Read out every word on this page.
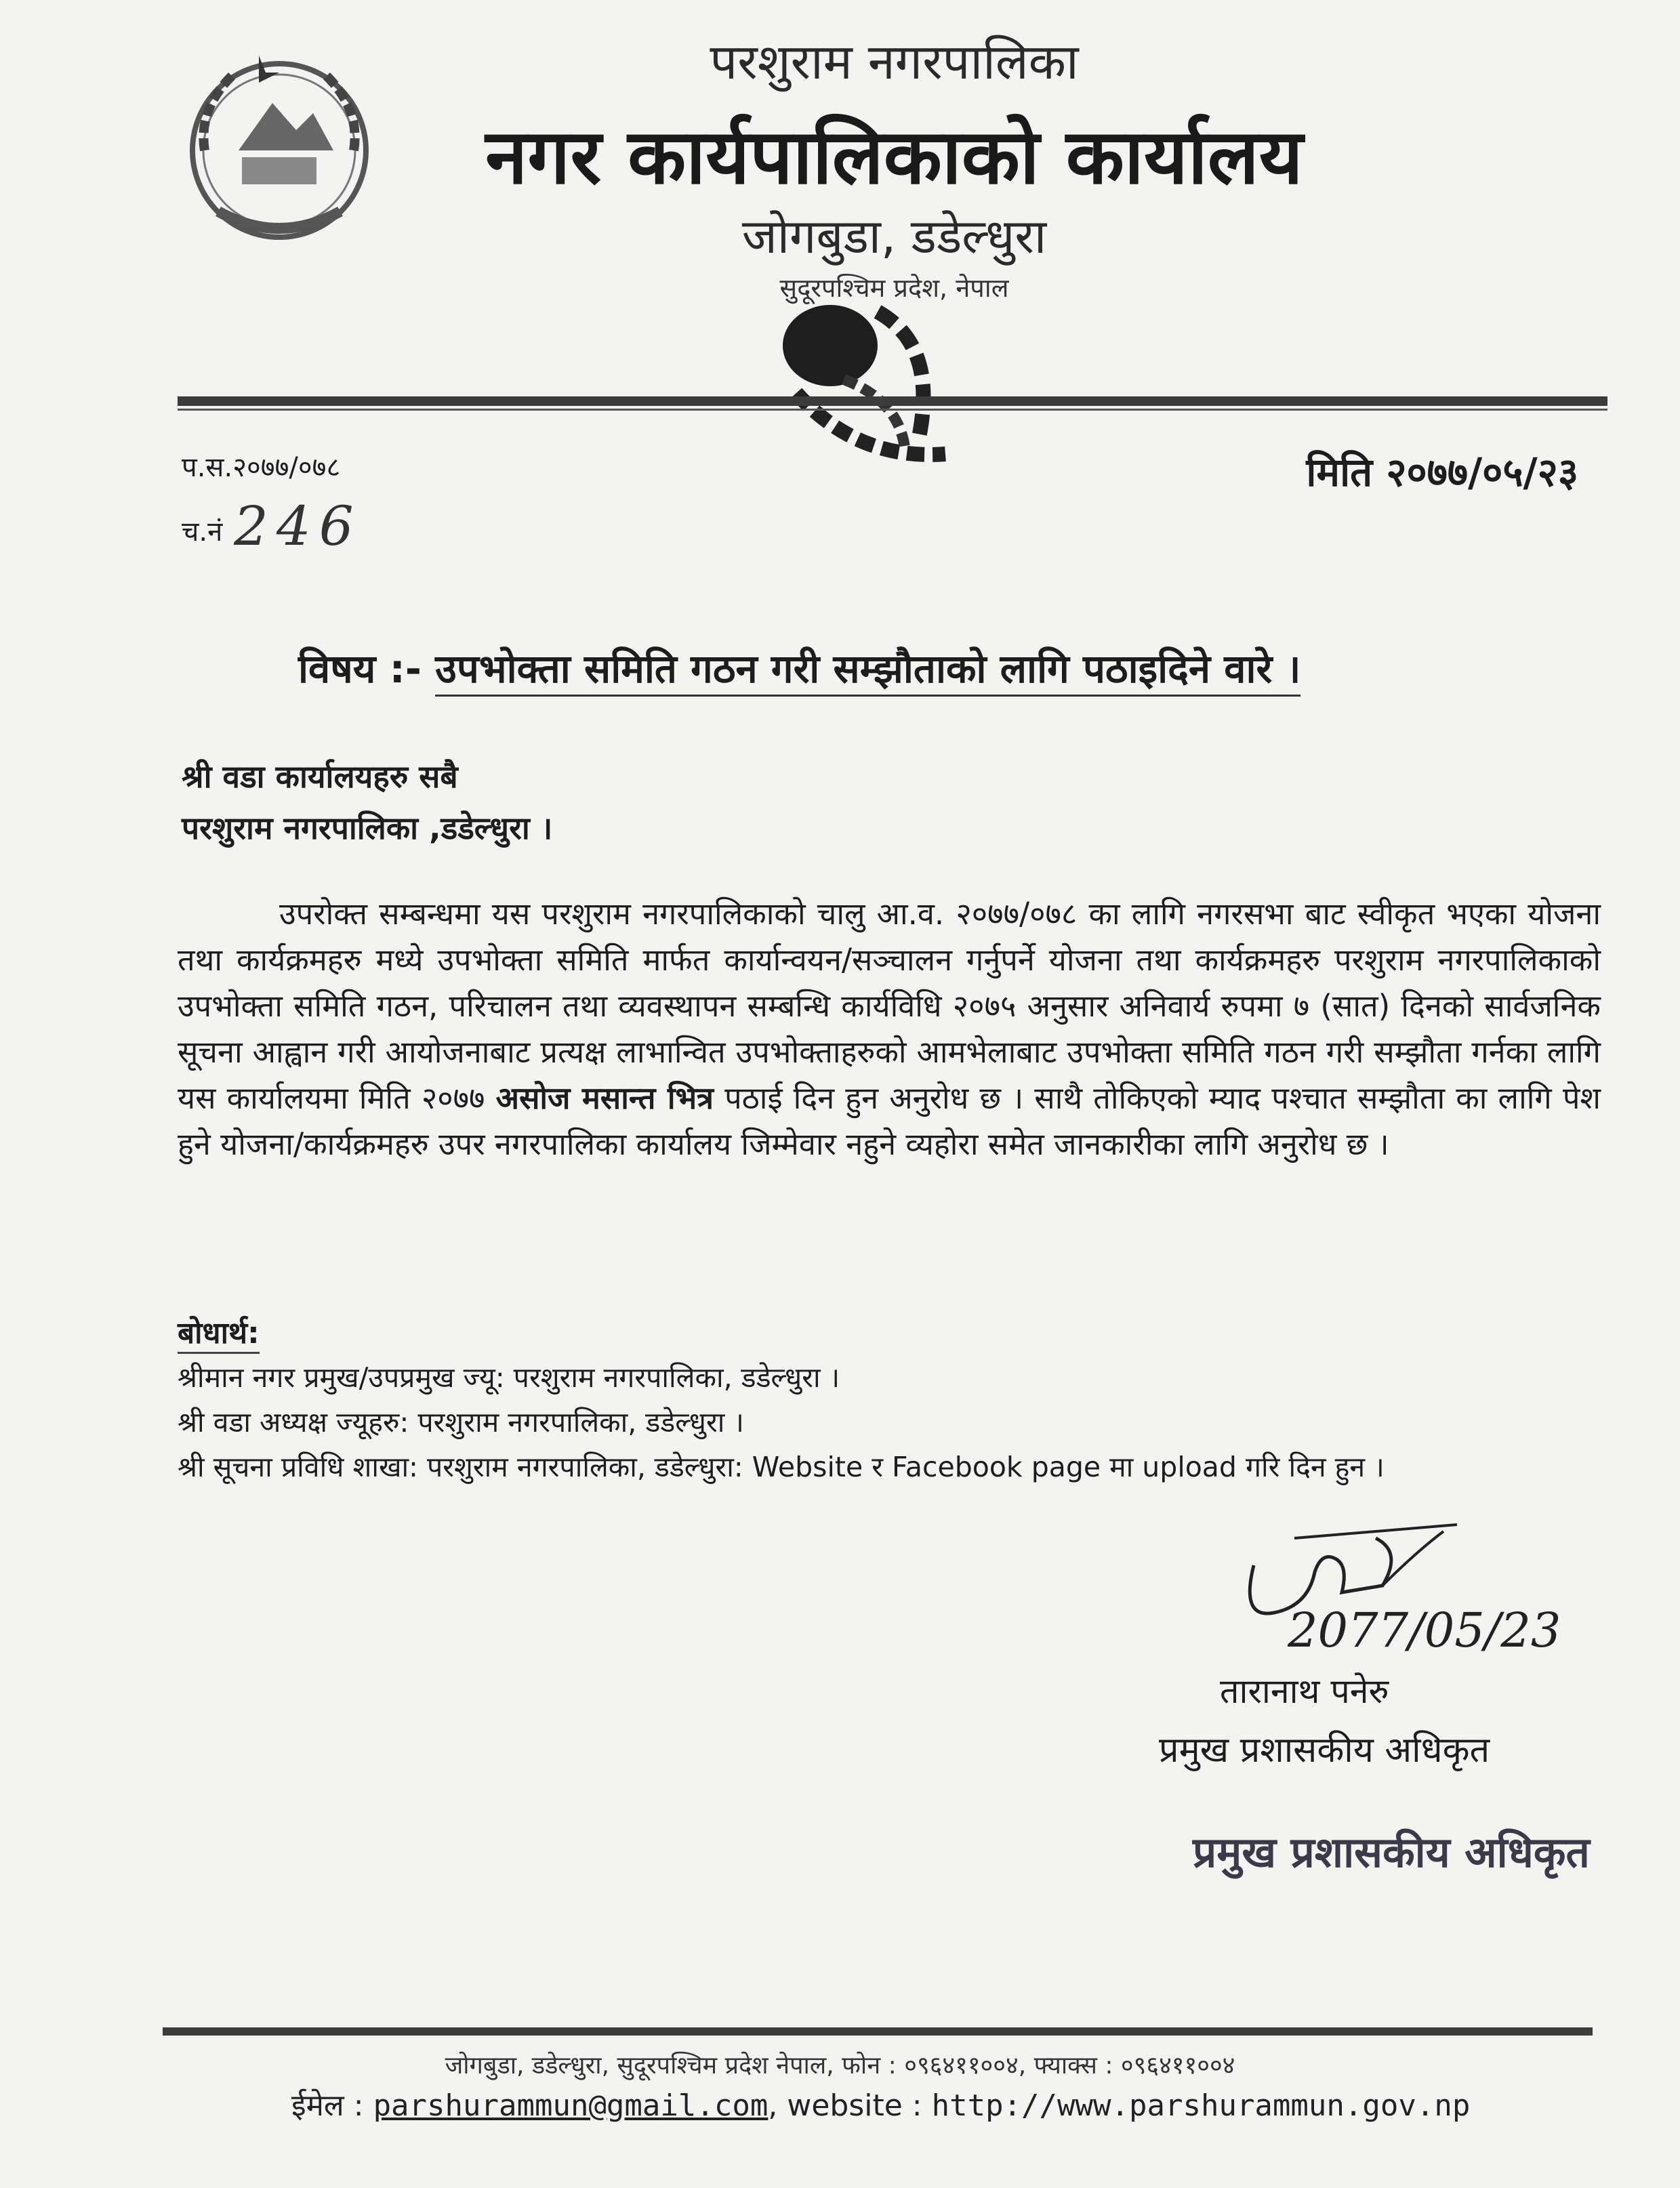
परशुराम नगरपालिका
नगर कार्यपालिकाको कार्यालय
जोगबुडा, डडेल्धुरा
सुदूरपश्चिम प्रदेश, नेपाल
प.स.२०७७/०७८	मिति २०७७/०५/२३
च.नं 246
विषय :- उपभोक्ता समिति गठन गरी सम्झौताको लागि पठाइदिने वारे ।
श्री वडा कार्यालयहरु सबै
परशुराम नगरपालिका ,डडेल्धुरा ।
उपरोक्त सम्बन्धमा यस परशुराम नगरपालिकाको चालु आ.व. २०७७/०७८ का लागि नगरसभा बाट स्वीकृत भएका योजना तथा कार्यक्रमहरु मध्ये उपभोक्ता समिति मार्फत कार्यान्वयन/सञ्चालन गर्नुपर्ने योजना तथा कार्यक्रमहरु परशुराम नगरपालिकाको उपभोक्ता समिति गठन, परिचालन तथा व्यवस्थापन सम्बन्धि कार्यविधि २०७५ अनुसार अनिवार्य रुपमा ७ (सात) दिनको सार्वजनिक सूचना आह्वान गरी आयोजनाबाट प्रत्यक्ष लाभान्वित उपभोक्ताहरुको आमभेलाबाट उपभोक्ता समिति गठन गरी सम्झौता गर्नका लागि यस कार्यालयमा मिति २०७७ असोज मसान्त भित्र पठाई दिन हुन अनुरोध छ । साथै तोकिएको म्याद पश्चात सम्झौता का लागि पेश हुने योजना/कार्यक्रमहरु उपर नगरपालिका कार्यालय जिम्मेवार नहुने व्यहोरा समेत जानकारीका लागि अनुरोध छ ।
बोधार्थ:
श्रीमान नगर प्रमुख/उपप्रमुख ज्यू: परशुराम नगरपालिका, डडेल्धुरा ।
श्री वडा अध्यक्ष ज्यूहरु: परशुराम नगरपालिका, डडेल्धुरा ।
श्री सूचना प्रविधि शाखा: परशुराम नगरपालिका, डडेल्धुरा: Website र Facebook page मा upload गरि दिन हुन ।
2077/05/23
तारानाथ पनेरु
प्रमुख प्रशासकीय अधिकृत
प्रमुख प्रशासकीय अधिकृत
जोगबुडा, डडेल्धुरा, सुदूरपश्चिम प्रदेश नेपाल, फोन : ०९६४११००४, फ्याक्स : ०९६४११००४
ईमेल : parshurammun@gmail.com, website : http://www.parshurammun.gov.np
